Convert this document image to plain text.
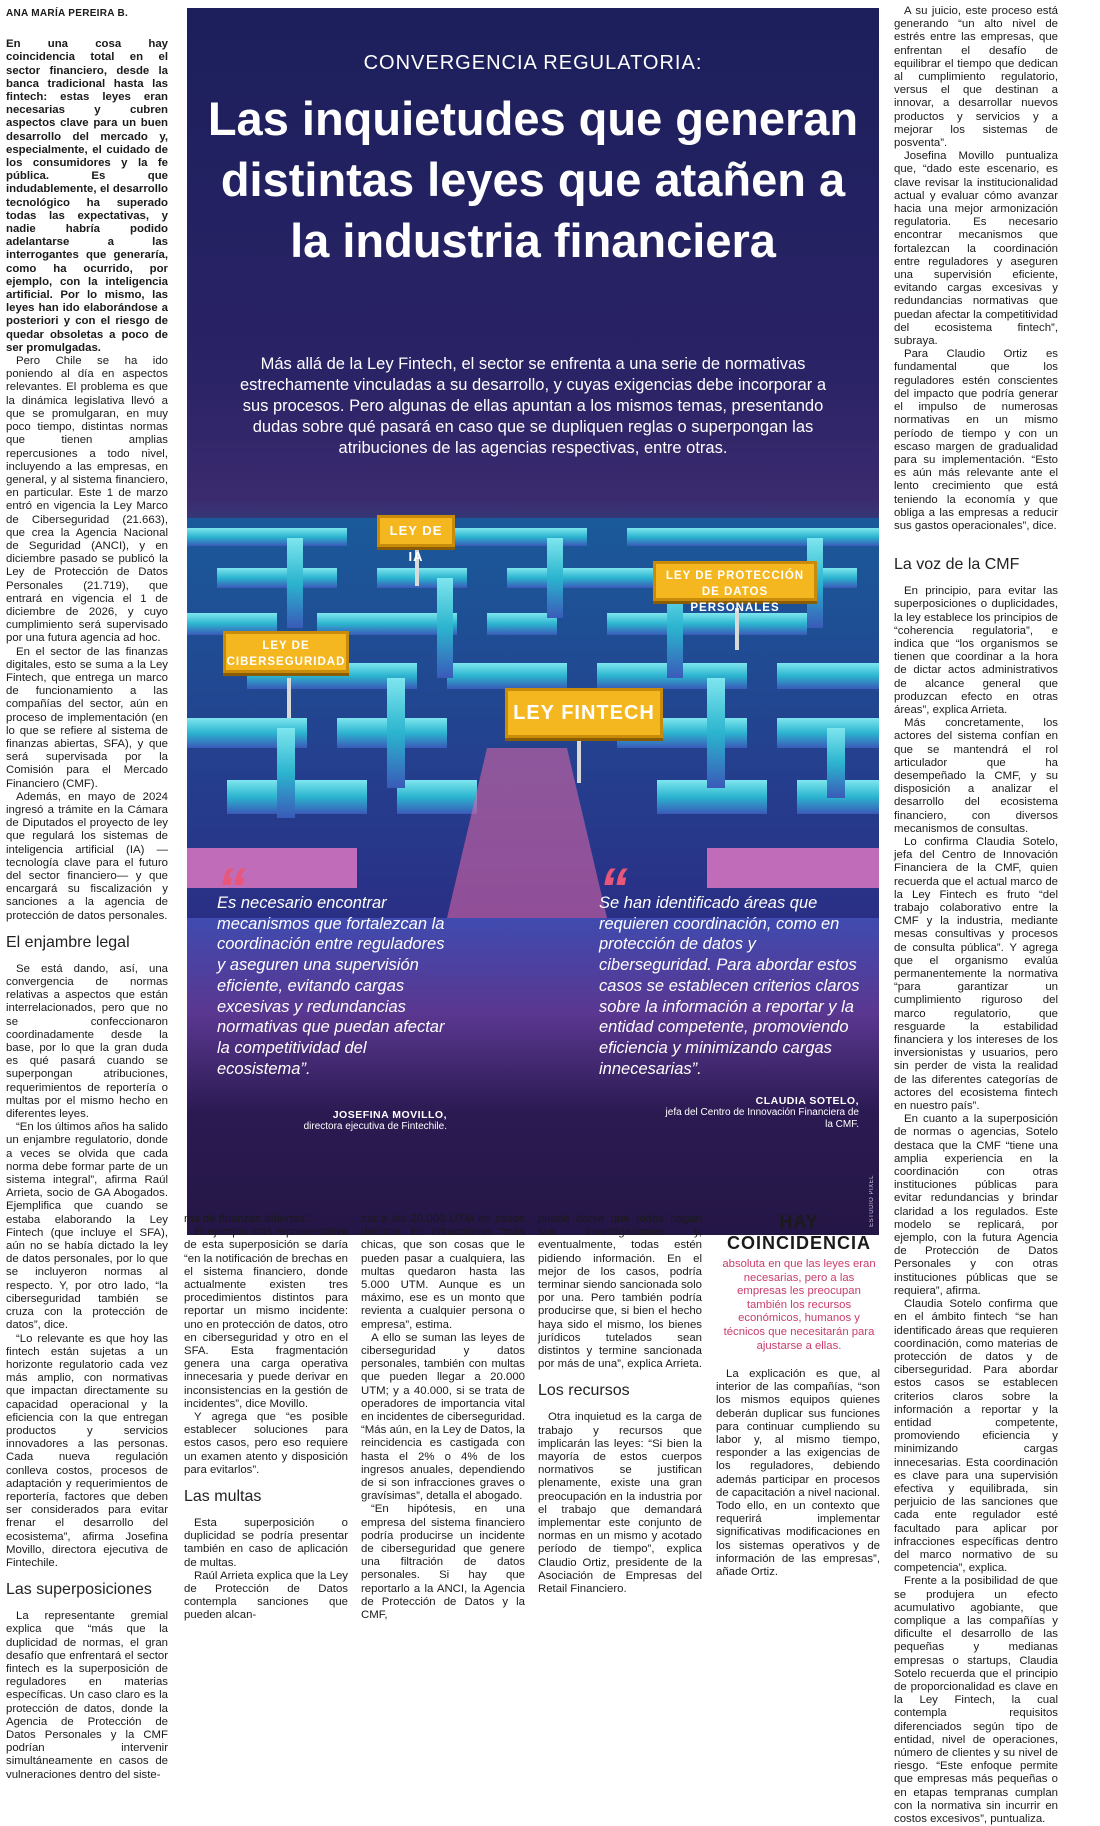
ANA MARÍA PEREIRA B.

En una cosa hay coincidencia total en el sector financiero, desde la banca tradicional hasta las fintech: estas leyes eran necesarias y cubren aspectos clave para un buen desarrollo del mercado y, especialmente, el cuidado de los consumidores y la fe pública. Es que indudablemente, el desarrollo tecnológico ha superado todas las expectativas, y nadie habría podido adelantarse a las interrogantes que generaría, como ha ocurrido, por ejemplo, con la inteligencia artificial. Por lo mismo, las leyes han ido elaborándose a posteriori y con el riesgo de quedar obsoletas a poco de ser promulgadas.

Pero Chile se ha ido poniendo al día en aspectos relevantes. El problema es que la dinámica legislativa llevó a que se promulgaran, en muy poco tiempo, distintas normas que tienen amplias repercusiones a todo nivel, incluyendo a las empresas, en general, y al sistema financiero, en particular. Este 1 de marzo entró en vigencia la Ley Marco de Ciberseguridad (21.663), que crea la Agencia Nacional de Seguridad (ANCI), y en diciembre pasado se publicó la Ley de Protección de Datos Personales (21.719), que entrará en vigencia el 1 de diciembre de 2026, y cuyo cumplimiento será supervisado por una futura agencia ad hoc.

En el sector de las finanzas digitales, esto se suma a la Ley Fintech, que entrega un marco de funcionamiento a las compañías del sector, aún en proceso de implementación (en lo que se refiere al sistema de finanzas abiertas, SFA), y que será supervisada por la Comisión para el Mercado Financiero (CMF).

Además, en mayo de 2024 ingresó a trámite en la Cámara de Diputados el proyecto de ley que regulará los sistemas de inteligencia artificial (IA) —tecnología clave para el futuro del sector financiero— y que encargará su fiscalización y sanciones a la agencia de protección de datos personales.

El enjambre legal

Se está dando, así, una convergencia de normas relativas a aspectos que están interrelacionados, pero que no se confeccionaron coordinadamente desde la base, por lo que la gran duda es qué pasará cuando se superpongan atribuciones, requerimientos de reportería o multas por el mismo hecho en diferentes leyes.

“En los últimos años ha salido un enjambre regulatorio, donde a veces se olvida que cada norma debe formar parte de un sistema integral”, afirma Raúl Arrieta, socio de GA Abogados. Ejemplifica que cuando se estaba elaborando la Ley Fintech (que incluye el SFA), aún no se había dictado la ley de datos personales, por lo que se incluyeron normas al respecto. Y, por otro lado, “la ciberseguridad también se cruza con la protección de datos”, dice.

“Lo relevante es que hoy las fintech están sujetas a un horizonte regulatorio cada vez más amplio, con normativas que impactan directamente su capacidad operacional y la eficiencia con la que entregan productos y servicios innovadores a las personas. Cada nueva regulación conlleva costos, procesos de adaptación y requerimientos de reportería, factores que deben ser considerados para evitar frenar el desarrollo del ecosistema”, afirma Josefina Movillo, directora ejecutiva de Fintechile.

Las superposiciones

La representante gremial explica que “más que la duplicidad de normas, el gran desafío que enfrentará el sector fintech es la superposición de reguladores en materias específicas. Un caso claro es la protección de datos, donde la Agencia de Protección de Datos Personales y la CMF podrían intervenir simultáneamente en casos de vulneraciones dentro del siste-

CONVERGENCIA REGULATORIA:
Las inquietudes que generan distintas leyes que atañen a la industria financiera
Más allá de la Ley Fintech, el sector se enfrenta a una serie de normativas estrechamente vinculadas a su desarrollo, y cuyas exigencias debe incorporar a sus procesos. Pero algunas de ellas apuntan a los mismos temas, presentando dudas sobre qué pasará en caso que se dupliquen reglas o superpongan las atribuciones de las agencias respectivas, entre otras.
LEY DE IA
LEY DE PROTECCIÓN DE DATOS PERSONALES
LEY DE CIBERSEGURIDAD
LEY FINTECH
“
Es necesario encontrar mecanismos que fortalezcan la coordinación entre reguladores y aseguren una supervisión eficiente, evitando cargas excesivas y redundancias normativas que puedan afectar la competitividad del ecosistema”.
JOSEFINA MOVILLO,
directora ejecutiva de Fintechile.
“
Se han identificado áreas que requieren coordinación, como en protección de datos y ciberseguridad. Para abordar estos casos se establecen criterios claros sobre la información a reportar y la entidad competente, promoviendo eficiencia y minimizando cargas innecesarias”.
CLAUDIA SOTELO,
jefa del Centro de Innovación Financiera de la CMF.
ESTUDIO PIXEL

ma de finanzas abiertas”.

El ejemplo más representativo de esta superposición se daría “en la notificación de brechas en el sistema financiero, donde actualmente existen tres procedimientos distintos para reportar un mismo incidente: uno en protección de datos, otro en ciberseguridad y otro en el SFA. Esta fragmentación genera una carga operativa innecesaria y puede derivar en inconsistencias en la gestión de incidentes”, dice Movillo.

Y agrega que “es posible establecer soluciones para estos casos, pero eso requiere un examen atento y disposición para evitarlos”.

Las multas

Esta superposición o duplicidad se podría presentar también en caso de aplicación de multas.

Raúl Arrieta explica que la Ley de Protección de Datos contempla sanciones que pueden alcan-

zar a las 20.000 UTM en casos dolosos. En infracciones “más chicas, que son cosas que le pueden pasar a cualquiera, las multas quedaron hasta las 5.000 UTM. Aunque es un máximo, ese es un monto que revienta a cualquier persona o empresa”, estima.

A ello se suman las leyes de ciberseguridad y datos personales, también con multas que pueden llegar a 20.000 UTM; y a 40.000, si se trata de operadores de importancia vital en incidentes de ciberseguridad. “Más aún, en la Ley de Datos, la reincidencia es castigada con hasta el 2% o 4% de los ingresos anuales, dependiendo de si son infracciones graves o gravísimas”, detalla el abogado.

“En hipótesis, en una empresa del sistema financiero podría producirse un incidente de ciberseguridad que genere una filtración de datos personales. Si hay que reportarlo a la ANCI, la Agencia de Protección de Datos y la CMF,

puede darse que todas hagan sus investigaciones y, eventualmente, todas estén pidiendo información. En el mejor de los casos, podría terminar siendo sancionada solo por una. Pero también podría producirse que, si bien el hecho haya sido el mismo, los bienes jurídicos tutelados sean distintos y termine sancionada por más de una”, explica Arrieta.

Los recursos

Otra inquietud es la carga de trabajo y recursos que implicarán las leyes: “Si bien la mayoría de estos cuerpos normativos se justifican plenamente, existe una gran preocupación en la industria por el trabajo que demandará implementar este conjunto de normas en un mismo y acotado período de tiempo”, explica Claudio Ortiz, presidente de la Asociación de Empresas del Retail Financiero.

HAY
COINCIDENCIA
absoluta en que las leyes eran necesarias, pero a las empresas les preocupan también los recursos económicos, humanos y técnicos que necesitarán para ajustarse a ellas.

La explicación es que, al interior de las compañías, “son los mismos equipos quienes deberán duplicar sus funciones para continuar cumpliendo su labor y, al mismo tiempo, responder a las exigencias de los reguladores, debiendo además participar en procesos de capacitación a nivel nacional. Todo ello, en un contexto que requerirá implementar significativas modificaciones en los sistemas operativos y de información de las empresas”, añade Ortiz.

A su juicio, este proceso está generando “un alto nivel de estrés entre las empresas, que enfrentan el desafío de equilibrar el tiempo que dedican al cumplimiento regulatorio, versus el que destinan a innovar, a desarrollar nuevos productos y servicios y a mejorar los sistemas de posventa”.

Josefina Movillo puntualiza que, “dado este escenario, es clave revisar la institucionalidad actual y evaluar cómo avanzar hacia una mejor armonización regulatoria. Es necesario encontrar mecanismos que fortalezcan la coordinación entre reguladores y aseguren una supervisión eficiente, evitando cargas excesivas y redundancias normativas que puedan afectar la competitividad del ecosistema fintech”, subraya.

Para Claudio Ortiz es fundamental que los reguladores estén conscientes del impacto que podría generar el impulso de numerosas normativas en un mismo período de tiempo y con un escaso margen de gradualidad para su implementación. “Esto es aún más relevante ante el lento crecimiento que está teniendo la economía y que obliga a las empresas a reducir sus gastos operacionales”, dice.

La voz de la CMF

En principio, para evitar las superposiciones o duplicidades, la ley establece los principios de “coherencia regulatoria”, e indica que “los organismos se tienen que coordinar a la hora de dictar actos administrativos de alcance general que produzcan efecto en otras áreas”, explica Arrieta.

Más concretamente, los actores del sistema confían en que se mantendrá el rol articulador que ha desempeñado la CMF, y su disposición a analizar el desarrollo del ecosistema financiero, con diversos mecanismos de consultas.

Lo confirma Claudia Sotelo, jefa del Centro de Innovación Financiera de la CMF, quien recuerda que el actual marco de la Ley Fintech es fruto “del trabajo colaborativo entre la CMF y la industria, mediante mesas consultivas y procesos de consulta pública”. Y agrega que el organismo evalúa permanentemente la normativa “para garantizar un cumplimiento riguroso del marco regulatorio, que resguarde la estabilidad financiera y los intereses de los inversionistas y usuarios, pero sin perder de vista la realidad de las diferentes categorías de actores del ecosistema fintech en nuestro país”.

En cuanto a la superposición de normas o agencias, Sotelo destaca que la CMF “tiene una amplia experiencia en la coordinación con otras instituciones públicas para evitar redundancias y brindar claridad a los regulados. Este modelo se replicará, por ejemplo, con la futura Agencia de Protección de Datos Personales y con otras instituciones públicas que se requiera”, afirma.

Claudia Sotelo confirma que en el ámbito fintech “se han identificado áreas que requieren coordinación, como materias de protección de datos y de ciberseguridad. Para abordar estos casos se establecen criterios claros sobre la información a reportar y la entidad competente, promoviendo eficiencia y minimizando cargas innecesarias. Esta coordinación es clave para una supervisión efectiva y equilibrada, sin perjuicio de las sanciones que cada ente regulador esté facultado para aplicar por infracciones específicas dentro del marco normativo de su competencia”, explica.

Frente a la posibilidad de que se produjera un efecto acumulativo agobiante, que complique a las compañías y dificulte el desarrollo de las pequeñas y medianas empresas o startups, Claudia Sotelo recuerda que el principio de proporcionalidad es clave en la Ley Fintech, la cual contempla requisitos diferenciados según tipo de entidad, nivel de operaciones, número de clientes y su nivel de riesgo. “Este enfoque permite que empresas más pequeñas o en etapas tempranas cumplan con la normativa sin incurrir en costos excesivos”, puntualiza.
